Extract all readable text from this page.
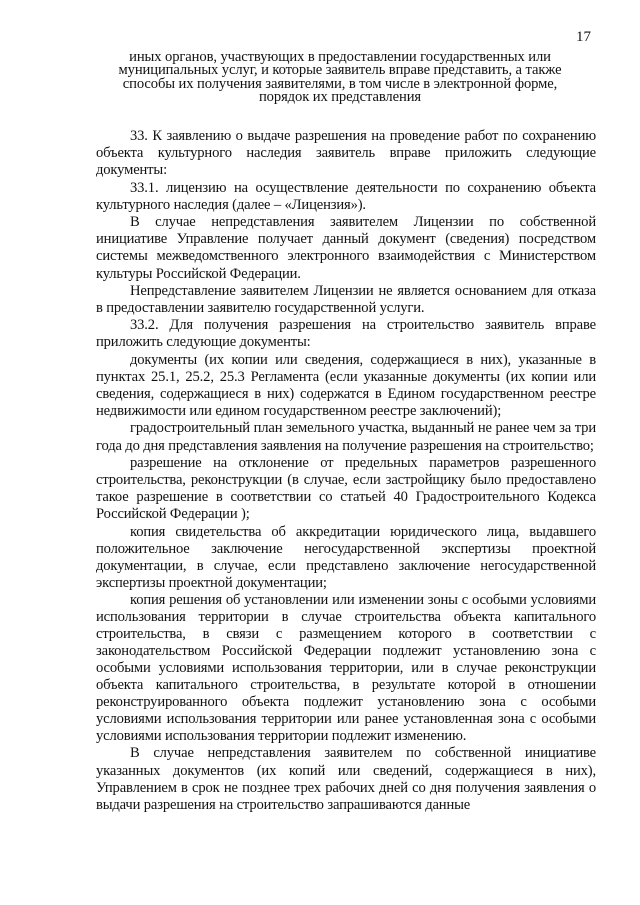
17
иных органов, участвующих в предоставлении государственных или
муниципальных услуг, и которые заявитель вправе представить, а также
способы их получения заявителями, в том числе в электронной форме,
порядок их представления

33. К заявлению о выдаче разрешения на проведение работ по сохранению объекта культурного наследия заявитель вправе приложить следующие документы:

33.1. лицензию на осуществление деятельности по сохранению объекта культурного наследия (далее – «Лицензия»).

В случае непредставления заявителем Лицензии по собственной инициативе Управление получает данный документ (сведения) посредством системы межведомственного электронного взаимодействия с Министерством культуры Российской Федерации.

Непредставление заявителем Лицензии не является основанием для отказа в предоставлении заявителю государственной услуги.

33.2. Для получения разрешения на строительство заявитель вправе приложить следующие документы:

документы (их копии или сведения, содержащиеся в них), указанные в пунктах 25.1, 25.2, 25.3 Регламента (если указанные документы (их копии или сведения, содержащиеся в них) содержатся в Едином государственном реестре недвижимости или едином государственном реестре заключений);

градостроительный план земельного участка, выданный не ранее чем за три года до дня представления заявления на получение разрешения на строительство;

разрешение на отклонение от предельных параметров разрешенного строительства, реконструкции (в случае, если застройщику было предоставлено такое разрешение в соответствии со статьей 40 Градостроительного Кодекса Российской Федерации );

копия свидетельства об аккредитации юридического лица, выдавшего положительное заключение негосударственной экспертизы проектной документации, в случае, если представлено заключение негосударственной экспертизы проектной документации;

копия решения об установлении или изменении зоны с особыми условиями использования территории в случае строительства объекта капитального строительства, в связи с размещением которого в соответствии с законодательством Российской Федерации подлежит установлению зона с особыми условиями использования территории, или в случае реконструкции объекта капитального строительства, в результате которой в отношении реконструированного объекта подлежит установлению зона с особыми условиями использования территории или ранее установленная зона с особыми условиями использования территории подлежит изменению.

В случае непредставления заявителем по собственной инициативе указанных документов (их копий или сведений, содержащиеся в них), Управлением в срок не позднее трех рабочих дней со дня получения заявления о выдачи разрешения на строительство запрашиваются данные
